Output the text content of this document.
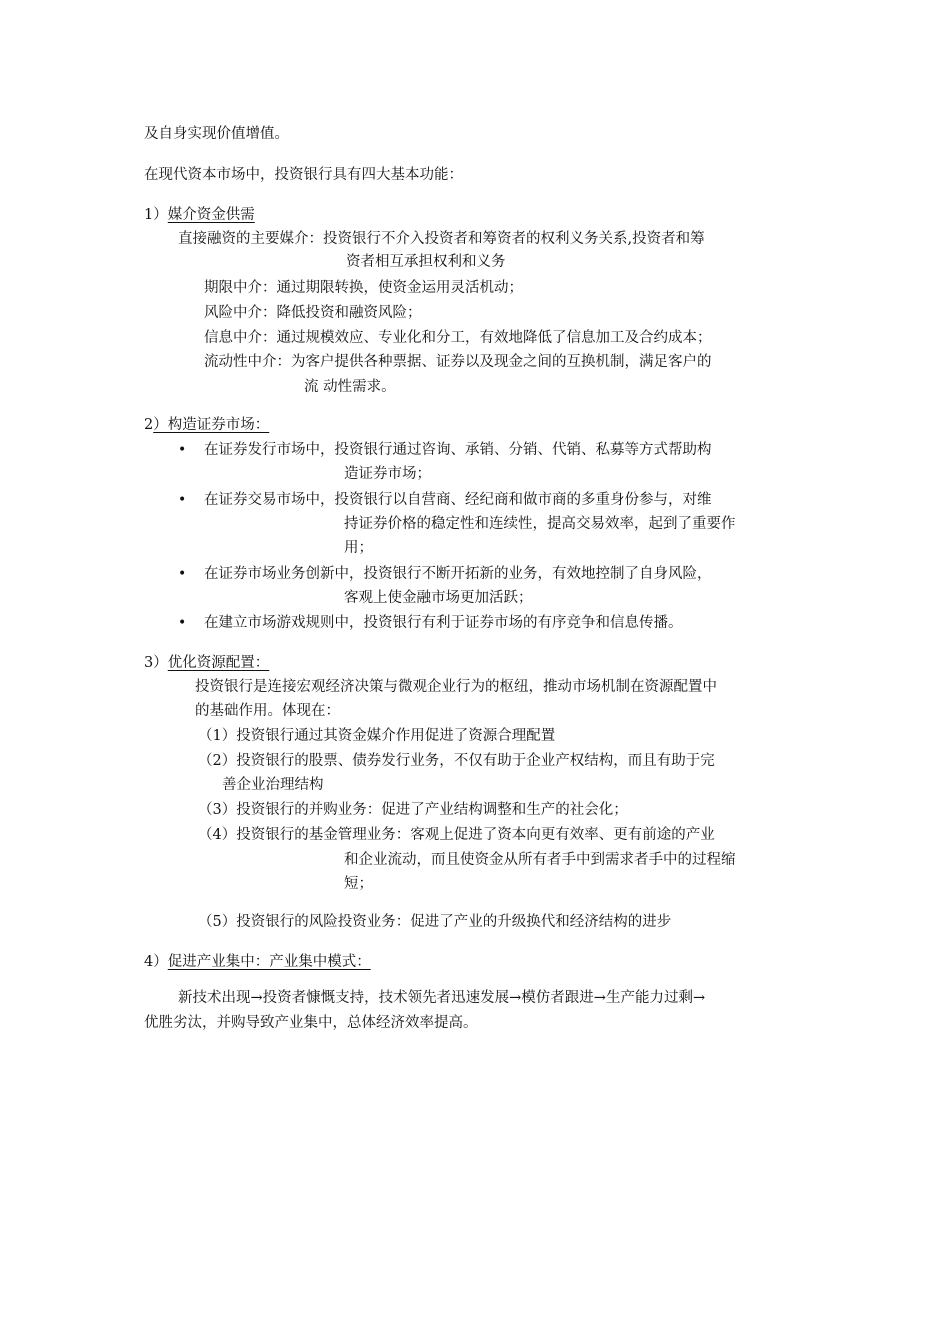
及自身实现价值增值。
在现代资本市场中，投资银行具有四大基本功能：
1）媒介资金供需
直接融资的主要媒介：投资银行不介入投资者和筹资者的权利义务关系,投资者和筹
资者相互承担权利和义务
期限中介：通过期限转换，使资金运用灵活机动；
风险中介：降低投资和融资风险；
信息中介：通过规模效应、专业化和分工，有效地降低了信息加工及合约成本；
流动性中介：为客户提供各种票据、证券以及现金之间的互换机制，满足客户的
流 动性需求。
2）构造证券市场：
• 在证券发行市场中，投资银行通过咨询、承销、分销、代销、私募等方式帮助构
造证券市场；
• 在证券交易市场中，投资银行以自营商、经纪商和做市商的多重身份参与，对维
持证券价格的稳定性和连续性，提高交易效率，起到了重要作
用；
• 在证券市场业务创新中，投资银行不断开拓新的业务，有效地控制了自身风险，
客观上使金融市场更加活跃；
• 在建立市场游戏规则中，投资银行有利于证券市场的有序竞争和信息传播。
3）优化资源配置：
投资银行是连接宏观经济决策与微观企业行为的枢纽，推动市场机制在资源配置中
的基础作用。体现在：
（1）投资银行通过其资金媒介作用促进了资源合理配置
（2）投资银行的股票、债券发行业务，不仅有助于企业产权结构，而且有助于完
善企业治理结构
（3）投资银行的并购业务：促进了产业结构调整和生产的社会化；
（4）投资银行的基金管理业务：客观上促进了资本向更有效率、更有前途的产业
和企业流动，而且使资金从所有者手中到需求者手中的过程缩
短；
（5）投资银行的风险投资业务：促进了产业的升级换代和经济结构的进步
4）促进产业集中：产业集中模式：
新技术出现→投资者慷慨支持，技术领先者迅速发展→模仿者跟进→生产能力过剩→
优胜劣汰，并购导致产业集中，总体经济效率提高。
